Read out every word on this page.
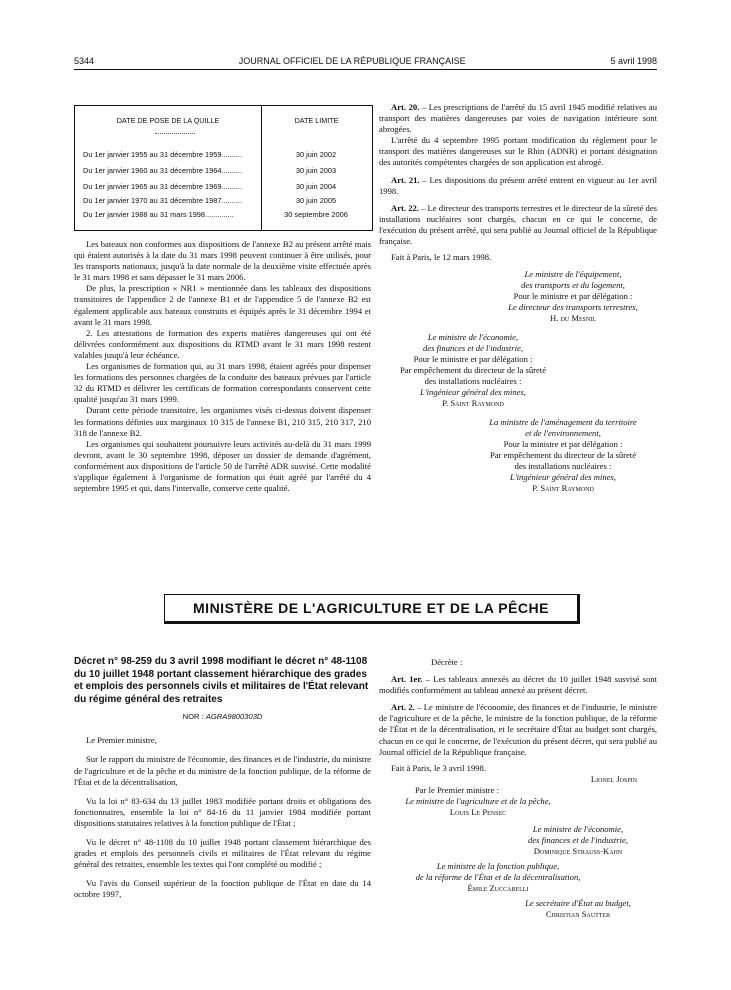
5344	JOURNAL OFFICIEL DE LA RÉPUBLIQUE FRANÇAISE	5 avril 1998
DATE DE POSE DE LA QUILLE	DATE LIMITE
Du 1er janvier 1955 au 31 décembre 1959..........	30 juin 2002
Du 1er janvier 1960 au 31 décembre 1964..........	30 juin 2003
Du 1er janvier 1965 au 31 décembre 1969..........	30 juin 2004
Du 1er janvier 1970 au 31 décembre 1987..........	30 juin 2005
Du 1er janvier 1988 au 31 mars 1998..............	30 septembre 2006

Les bateaux non conformes aux dispositions de l'annexe B2 au présent arrêté mais qui étaient autorisés à la date du 31 mars 1998 peuvent continuer à être utilisés, pour les transports nationaux, jusqu'à la date normale de la deuxième visite effectuée après le 31 mars 1998 et sans dépasser le 31 mars 2006.

De plus, la prescription « NR1 » mentionnée dans les tableaux des dispositions transitoires de l'appendice 2 de l'annexe B1 et de l'appendice 5 de l'annexe B2 est également applicable aux bateaux construits et équipés après le 31 décembre 1994 et avant le 31 mars 1998.

2. Les attestations de formation des experts matières dangereuses qui ont été délivrées conformément aux dispositions du RTMD avant le 31 mars 1998 restent valables jusqu'à leur échéance.

Les organismes de formation qui, au 31 mars 1998, étaient agréés pour dispenser les formations des personnes chargées de la conduite des bateaux prévues par l'article 32 du RTMD et délivrer les certificats de formation correspondants conservent cette qualité jusqu'au 31 mars 1999.

Durant cette période transitoire, les organismes visés ci-dessus doivent dispenser les formations définies aux marginaux 10 315 de l'annexe B1, 210 315, 210 317, 210 318 de l'annexe B2.

Les organismes qui souhaitent poursuivre leurs activités au-delà du 31 mars 1999 devront, avant le 30 septembre 1998, déposer un dossier de demande d'agrément, conformément aux dispositions de l'article 50 de l'arrêté ADR susvisé. Cette modalité s'applique également à l'organisme de formation qui était agréé par l'arrêté du 4 septembre 1995 et qui, dans l'intervalle, conserve cette qualité.

Art. 20. – Les prescriptions de l'arrêté du 15 avril 1945 modifié relatives au transport des matières dangereuses par voies de navigation intérieure sont abrogées.

L'arrêté du 4 septembre 1995 portant modification du règlement pour le transport des matières dangereuses sur le Rhin (ADNR) et portant désignation des autorités compétentes chargées de son application est abrogé.

Art. 21. – Les dispositions du présent arrêté entrent en vigueur au 1er avril 1998.

Art. 22. – Le directeur des transports terrestres et le directeur de la sûreté des installations nucléaires sont chargés, chacun en ce qui le concerne, de l'exécution du présent arrêté, qui sera publié au Journal officiel de la République française.

Fait à Paris, le 12 mars 1998.

Le ministre de l'équipement,
des transports et du logement,
Pour le ministre et par délégation :
Le directeur des transports terrestres,
H. du Mesnil
Le ministre de l'économie,
des finances et de l'industrie,
Pour le ministre et par délégation :
Par empêchement du directeur de la sûreté
des installations nucléaires :
L'ingénieur général des mines,
P. Saint Raymond
La ministre de l'aménagement du territoire
et de l'environnement,
Pour la ministre et par délégation :
Par empêchement du directeur de la sûreté
des installations nucléaires :
L'ingénieur général des mines,
P. Saint Raymond
MINISTÈRE DE L'AGRICULTURE ET DE LA PÊCHE
Décret n° 98-259 du 3 avril 1998 modifiant le décret n° 48-1108 du 10 juillet 1948 portant classement hiérarchique des grades et emplois des personnels civils et militaires de l'État relevant du régime général des retraites
NOR : AGRA9800303D

Le Premier ministre,

Sur le rapport du ministre de l'économie, des finances et de l'industrie, du ministre de l'agriculture et de la pêche et du ministre de la fonction publique, de la réforme de l'État et de la décentralisation,

Vu la loi n° 83-634 du 13 juillet 1983 modifiée portant droits et obligations des fonctionnaires, ensemble la loi n° 84-16 du 11 janvier 1984 modifiée portant dispositions statutaires relatives à la fonction publique de l'État ;

Vu le décret n° 48-1108 du 10 juillet 1948 portant classement hiérarchique des grades et emplois des personnels civils et militaires de l'État relevant du régime général des retraites, ensemble les textes qui l'ont complété ou modifié ;

Vu l'avis du Conseil supérieur de la fonction publique de l'État en date du 14 octobre 1997,

Décrète :

Art. 1er. – Les tableaux annexés au décret du 10 juillet 1948 susvisé sont modifiés conformément au tableau annexé au présent décret.

Art. 2. – Le ministre de l'économie, des finances et de l'industrie, le ministre de l'agriculture et de la pêche, le ministre de la fonction publique, de la réforme de l'État et de la décentralisation, et le secrétaire d'État au budget sont chargés, chacun en ce qui le concerne, de l'exécution du présent décret, qui sera publié au Journal officiel de la République française.

Fait à Paris, le 3 avril 1998.

Lionel Jospin
Par le Premier ministre :
Le ministre de l'agriculture et de la pêche,
Louis Le Pensec
Le ministre de l'économie,
des finances et de l'industrie,
Dominique Strauss-Kahn
Le ministre de la fonction publique,
de la réforme de l'État et de la décentralisation,
Émile Zuccarelli
Le secrétaire d'État au budget,
Christian Sautter
